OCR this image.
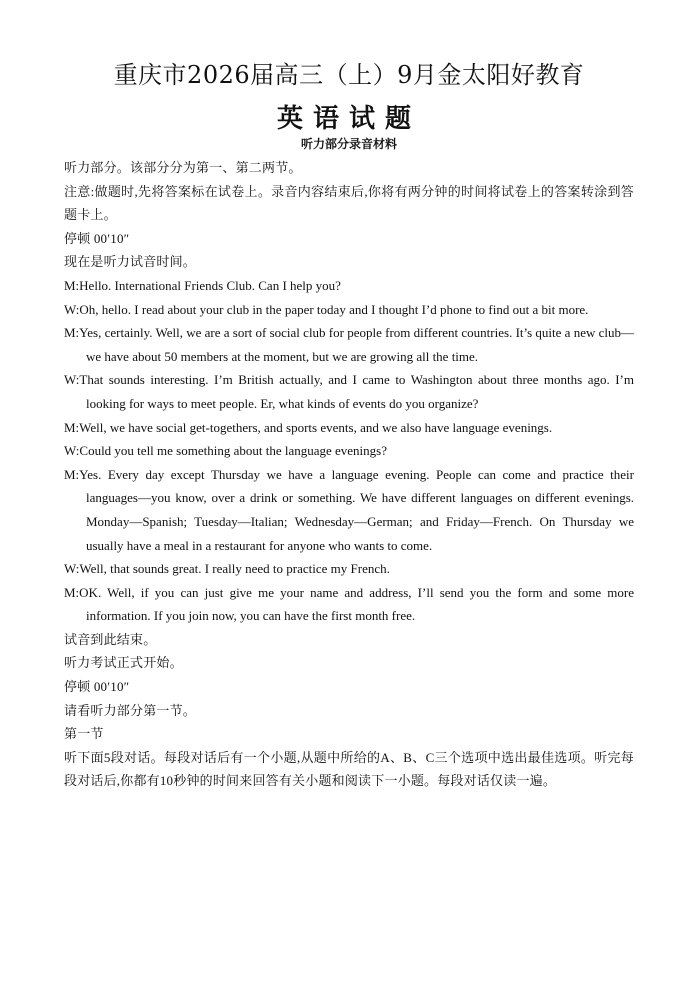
重庆市2026届高三（上）9月金太阳好教育
英语试题
听力部分录音材料
听力部分。该部分分为第一、第二两节。
注意:做题时,先将答案标在试卷上。录音内容结束后,你将有两分钟的时间将试卷上的答案转涂到答题卡上。
停顿 00′10″
现在是听力试音时间。
M:Hello. International Friends Club. Can I help you?
W:Oh, hello. I read about your club in the paper today and I thought I’d phone to find out a bit more.
M:Yes, certainly. Well, we are a sort of social club for people from different countries. It’s quite a new club—we have about 50 members at the moment, but we are growing all the time.
W:That sounds interesting. I’m British actually, and I came to Washington about three months ago. I’m looking for ways to meet people. Er, what kinds of events do you organize?
M:Well, we have social get-togethers, and sports events, and we also have language evenings.
W:Could you tell me something about the language evenings?
M:Yes. Every day except Thursday we have a language evening. People can come and practice their languages—you know, over a drink or something. We have different languages on different evenings. Monday—Spanish; Tuesday—Italian; Wednesday—German; and Friday—French. On Thursday we usually have a meal in a restaurant for anyone who wants to come.
W:Well, that sounds great. I really need to practice my French.
M:OK. Well, if you can just give me your name and address, I’ll send you the form and some more information. If you join now, you can have the first month free.
试音到此结束。
听力考试正式开始。
停顿 00′10″
请看听力部分第一节。
第一节
听下面5段对话。每段对话后有一个小题,从题中所给的A、B、C三个选项中选出最佳选项。听完每段对话后,你都有10秒钟的时间来回答有关小题和阅读下一小题。每段对话仅读一遍。
